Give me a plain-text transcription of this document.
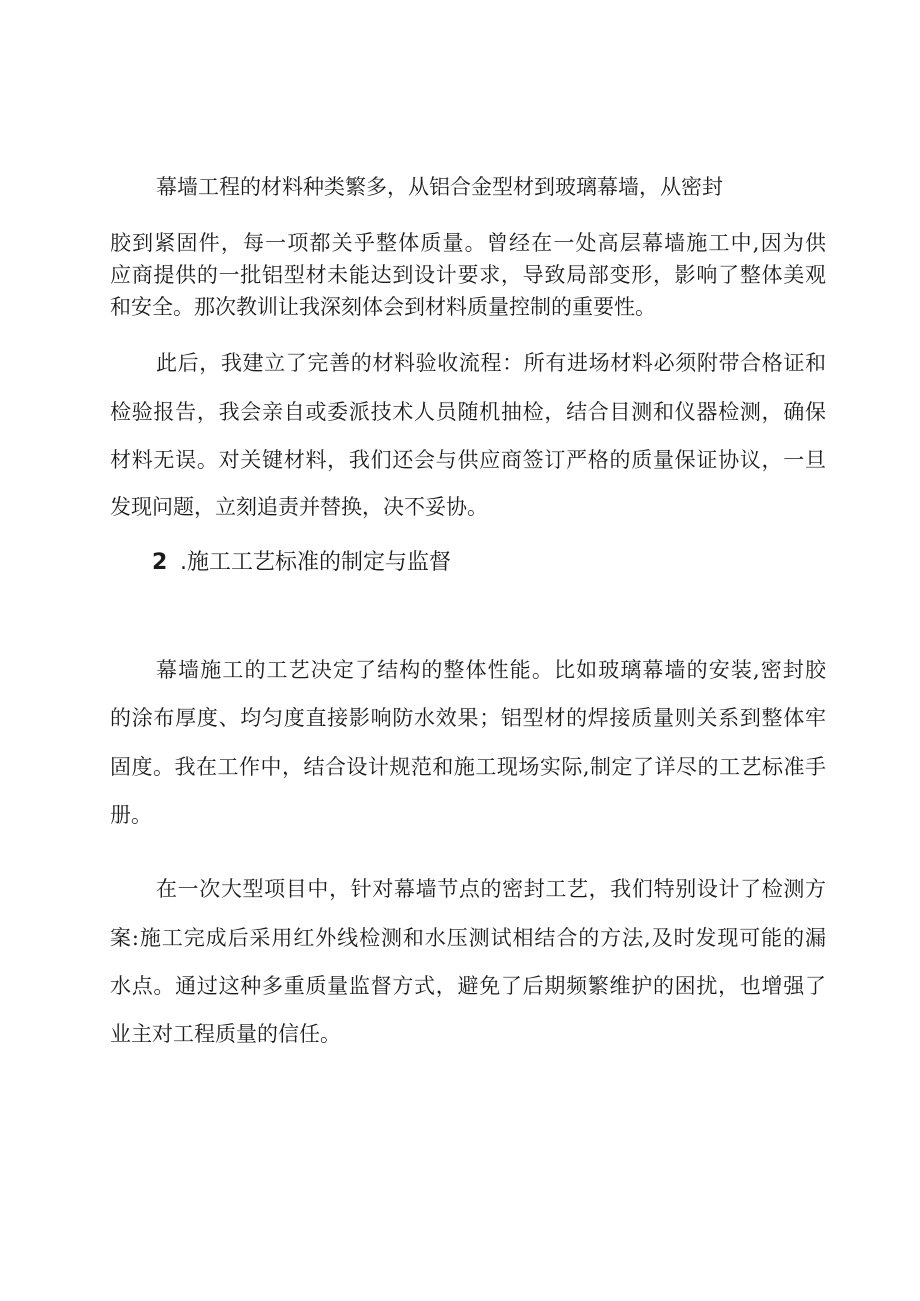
幕墙工程的材料种类繁多，从铝合金型材到玻璃幕墙，从密封
胶到紧固件，每一项都关乎整体质量。曾经在一处高层幕墙施工中,因为供
应商提供的一批铝型材未能达到设计要求，导致局部变形，影响了整体美观
和安全。那次教训让我深刻体会到材料质量控制的重要性。
此后，我建立了完善的材料验收流程：所有进场材料必须附带合格证和
检验报告，我会亲自或委派技术人员随机抽检，结合目测和仪器检测，确保
材料无误。对关键材料，我们还会与供应商签订严格的质量保证协议，一旦
发现问题，立刻追责并替换，决不妥协。
2 .施工工艺标准的制定与监督
幕墙施工的工艺决定了结构的整体性能。比如玻璃幕墙的安装,密封胶
的涂布厚度、均匀度直接影响防水效果；铝型材的焊接质量则关系到整体牢
固度。我在工作中，结合设计规范和施工现场实际,制定了详尽的工艺标准手
册。
在一次大型项目中，针对幕墙节点的密封工艺，我们特别设计了检测方
案:施工完成后采用红外线检测和水压测试相结合的方法,及时发现可能的漏
水点。通过这种多重质量监督方式，避免了后期频繁维护的困扰，也增强了
业主对工程质量的信任。
